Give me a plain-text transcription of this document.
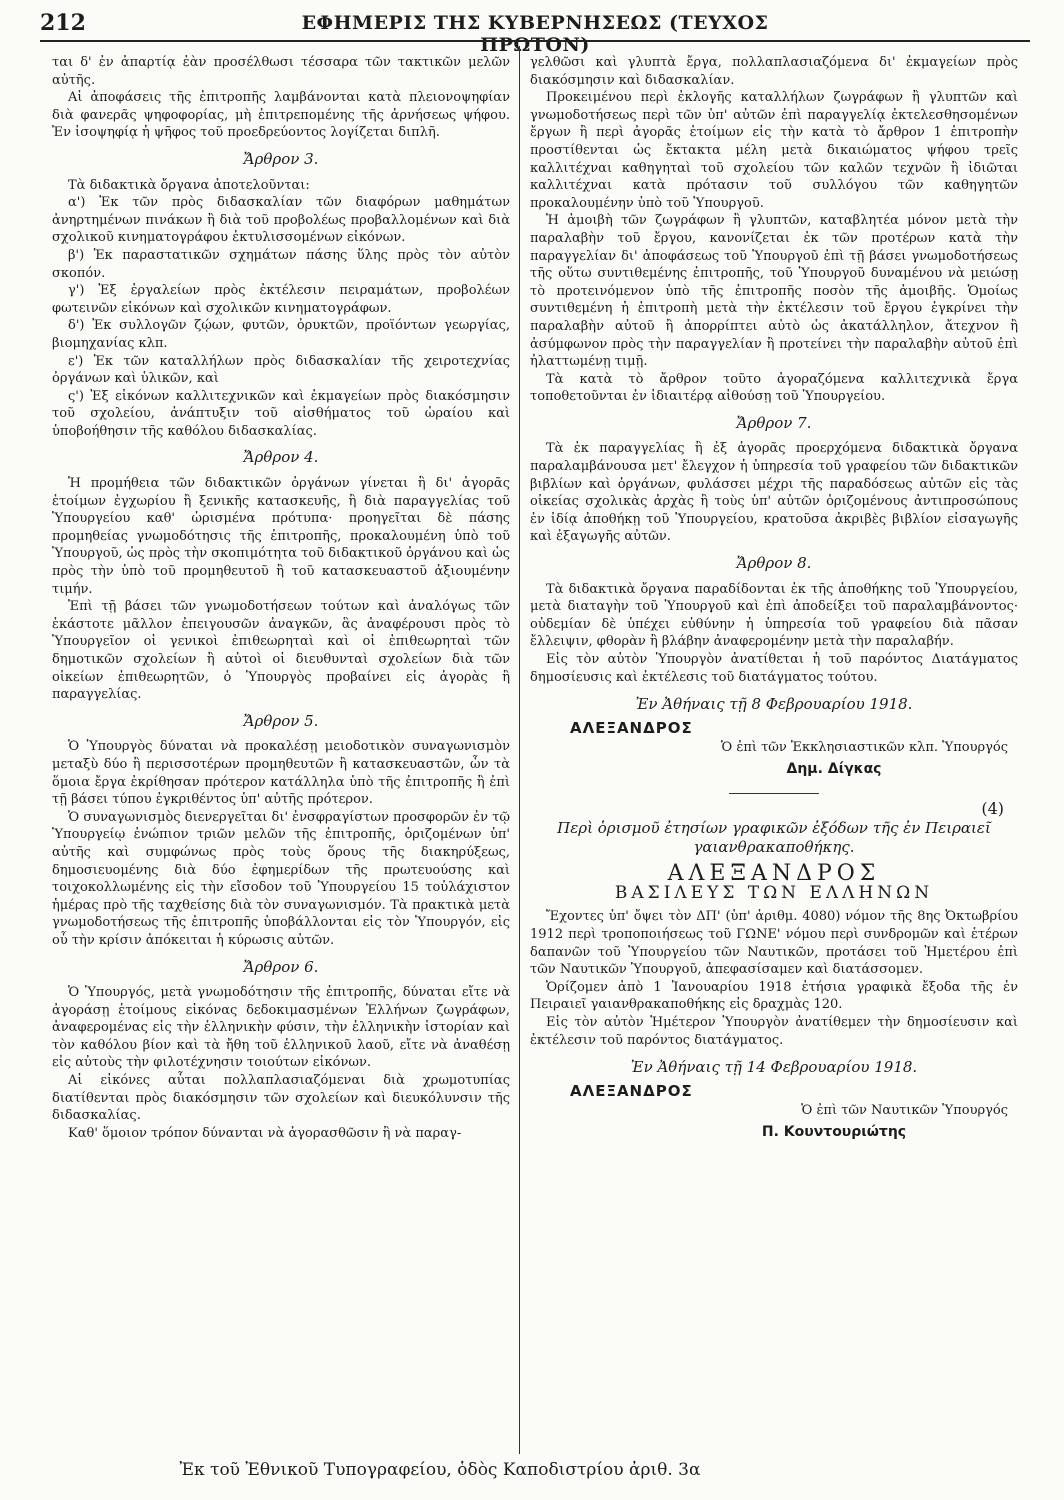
212	ΕΦΗΜΕΡΙΣ ΤΗΣ ΚΥΒΕΡΝΗΣΕΩΣ (ΤΕΥΧΟΣ ΠΡΩΤΟΝ)

ται δ' ἐν ἀπαρτίᾳ ἐὰν προσέλθωσι τέσσαρα τῶν τακτικῶν μελῶν αὐτῆς.

Αἱ ἀποφάσεις τῆς ἐπιτροπῆς λαμβάνονται κατὰ πλειονοψηφίαν διὰ φανερᾶς ψηφοφορίας, μὴ ἐπιτρεπομένης τῆς ἀρνήσεως ψήφου. Ἐν ἰσοψηφίᾳ ἡ ψῆφος τοῦ προεδρεύοντος λογίζεται διπλῆ.

Ἄρθρον 3.

Τὰ διδακτικὰ ὄργανα ἀποτελοῦνται:

α') Ἐκ τῶν πρὸς διδασκαλίαν τῶν διαφόρων μαθημάτων ἀνηρτημένων πινάκων ἢ διὰ τοῦ προβολέως προβαλλομένων καὶ διὰ σχολικοῦ κινηματογράφου ἐκτυλισσομένων εἰκόνων.

β') Ἐκ παραστατικῶν σχημάτων πάσης ὕλης πρὸς τὸν αὐτὸν σκοπόν.

γ') Ἐξ ἐργαλείων πρὸς ἐκτέλεσιν πειραμάτων, προβολέων φωτεινῶν εἰκόνων καὶ σχολικῶν κινηματογράφων.

δ') Ἐκ συλλογῶν ζῴων, φυτῶν, ὀρυκτῶν, προϊόντων γεωργίας, βιομηχανίας κλπ.

ε') Ἐκ τῶν καταλλήλων πρὸς διδασκαλίαν τῆς χειροτεχνίας ὀργάνων καὶ ὑλικῶν, καὶ

ς') Ἐξ εἰκόνων καλλιτεχνικῶν καὶ ἐκμαγείων πρὸς διακόσμησιν τοῦ σχολείου, ἀνάπτυξιν τοῦ αἰσθήματος τοῦ ὡραίου καὶ ὑποβοήθησιν τῆς καθόλου διδασκαλίας.

Ἄρθρον 4.

Ἡ προμήθεια τῶν διδακτικῶν ὀργάνων γίνεται ἢ δι' ἀγορᾶς ἑτοίμων ἐγχωρίου ἢ ξενικῆς κατασκευῆς, ἢ διὰ παραγγελίας τοῦ Ὑπουργείου καθ' ὡρισμένα πρότυπα· προηγεῖται δὲ πάσης προμηθείας γνωμοδότησις τῆς ἐπιτροπῆς, προκαλουμένη ὑπὸ τοῦ Ὑπουργοῦ, ὡς πρὸς τὴν σκοπιμότητα τοῦ διδακτικοῦ ὀργάνου καὶ ὡς πρὸς τὴν ὑπὸ τοῦ προμηθευτοῦ ἢ τοῦ κατασκευαστοῦ ἀξιουμένην τιμήν.

Ἐπὶ τῇ βάσει τῶν γνωμοδοτήσεων τούτων καὶ ἀναλόγως τῶν ἑκάστοτε μᾶλλον ἐπειγουσῶν ἀναγκῶν, ἃς ἀναφέρουσι πρὸς τὸ Ὑπουργεῖον οἱ γενικοὶ ἐπιθεωρηταὶ καὶ οἱ ἐπιθεωρηταὶ τῶν δημοτικῶν σχολείων ἢ αὐτοὶ οἱ διευθυνταὶ σχολείων διὰ τῶν οἰκείων ἐπιθεωρητῶν, ὁ Ὑπουργὸς προβαίνει εἰς ἀγορὰς ἢ παραγγελίας.

Ἄρθρον 5.

Ὁ Ὑπουργὸς δύναται νὰ προκαλέσῃ μειοδοτικὸν συναγωνισμὸν μεταξὺ δύο ἢ περισσοτέρων προμηθευτῶν ἢ κατασκευαστῶν, ὧν τὰ ὅμοια ἔργα ἐκρίθησαν πρότερον κατάλληλα ὑπὸ τῆς ἐπιτροπῆς ἢ ἐπὶ τῇ βάσει τύπου ἐγκριθέντος ὑπ' αὐτῆς πρότερον.

Ὁ συναγωνισμὸς διενεργεῖται δι' ἐνσφραγίστων προσφορῶν ἐν τῷ Ὑπουργείῳ ἐνώπιον τριῶν μελῶν τῆς ἐπιτροπῆς, ὁριζομένων ὑπ' αὐτῆς καὶ συμφώνως πρὸς τοὺς ὅρους τῆς διακηρύξεως, δημοσιευομένης διὰ δύο ἐφημερίδων τῆς πρωτευούσης καὶ τοιχοκολλωμένης εἰς τὴν εἴσοδον τοῦ Ὑπουργείου 15 τοὐλάχιστον ἡμέρας πρὸ τῆς ταχθείσης διὰ τὸν συναγωνισμόν. Τὰ πρακτικὰ μετὰ γνωμοδοτήσεως τῆς ἐπιτροπῆς ὑποβάλλονται εἰς τὸν Ὑπουργόν, εἰς οὗ τὴν κρίσιν ἀπόκειται ἡ κύρωσις αὐτῶν.

Ἄρθρον 6.

Ὁ Ὑπουργός, μετὰ γνωμοδότησιν τῆς ἐπιτροπῆς, δύναται εἴτε νὰ ἀγοράσῃ ἑτοίμους εἰκόνας δεδοκιμασμένων Ἑλλήνων ζωγράφων, ἀναφερομένας εἰς τὴν ἑλληνικὴν φύσιν, τὴν ἑλληνικὴν ἱστορίαν καὶ τὸν καθόλου βίον καὶ τὰ ἤθη τοῦ ἑλληνικοῦ λαοῦ, εἴτε νὰ ἀναθέσῃ εἰς αὐτοὺς τὴν φιλοτέχνησιν τοιούτων εἰκόνων.

Αἱ εἰκόνες αὗται πολλαπλασιαζόμεναι διὰ χρωμοτυπίας διατίθενται πρὸς διακόσμησιν τῶν σχολείων καὶ διευκόλυνσιν τῆς διδασκαλίας.

Καθ' ὅμοιον τρόπον δύνανται νὰ ἀγορασθῶσιν ἢ νὰ παραγ-

γελθῶσι καὶ γλυπτὰ ἔργα, πολλαπλασιαζόμενα δι' ἐκμαγείων πρὸς διακόσμησιν καὶ διδασκαλίαν.

Προκειμένου περὶ ἐκλογῆς καταλλήλων ζωγράφων ἢ γλυπτῶν καὶ γνωμοδοτήσεως περὶ τῶν ὑπ' αὐτῶν ἐπὶ παραγγελίᾳ ἐκτελεσθησομένων ἔργων ἢ περὶ ἀγορᾶς ἑτοίμων εἰς τὴν κατὰ τὸ ἄρθρον 1 ἐπιτροπὴν προστίθενται ὡς ἔκτακτα μέλη μετὰ δικαιώματος ψήφου τρεῖς καλλιτέχναι καθηγηταὶ τοῦ σχολείου τῶν καλῶν τεχνῶν ἢ ἰδιῶται καλλιτέχναι κατὰ πρότασιν τοῦ συλλόγου τῶν καθηγητῶν προκαλουμένην ὑπὸ τοῦ Ὑπουργοῦ.

Ἡ ἀμοιβὴ τῶν ζωγράφων ἢ γλυπτῶν, καταβλητέα μόνον μετὰ τὴν παραλαβὴν τοῦ ἔργου, κανονίζεται ἐκ τῶν προτέρων κατὰ τὴν παραγγελίαν δι' ἀποφάσεως τοῦ Ὑπουργοῦ ἐπὶ τῇ βάσει γνωμοδοτήσεως τῆς οὕτω συντιθεμένης ἐπιτροπῆς, τοῦ Ὑπουργοῦ δυναμένου νὰ μειώσῃ τὸ προτεινόμενον ὑπὸ τῆς ἐπιτροπῆς ποσὸν τῆς ἀμοιβῆς. Ὁμοίως συντιθεμένη ἡ ἐπιτροπὴ μετὰ τὴν ἐκτέλεσιν τοῦ ἔργου ἐγκρίνει τὴν παραλαβὴν αὐτοῦ ἢ ἀπορρίπτει αὐτὸ ὡς ἀκατάλληλον, ἄτεχνον ἢ ἀσύμφωνον πρὸς τὴν παραγγελίαν ἢ προτείνει τὴν παραλαβὴν αὐτοῦ ἐπὶ ἠλαττωμένῃ τιμῇ.

Τὰ κατὰ τὸ ἄρθρον τοῦτο ἀγοραζόμενα καλλιτεχνικὰ ἔργα τοποθετοῦνται ἐν ἰδιαιτέρᾳ αἰθούσῃ τοῦ Ὑπουργείου.

Ἄρθρον 7.

Τὰ ἐκ παραγγελίας ἢ ἐξ ἀγορᾶς προερχόμενα διδακτικὰ ὄργανα παραλαμβάνουσα μετ' ἔλεγχον ἡ ὑπηρεσία τοῦ γραφείου τῶν διδακτικῶν βιβλίων καὶ ὀργάνων, φυλάσσει μέχρι τῆς παραδόσεως αὐτῶν εἰς τὰς οἰκείας σχολικὰς ἀρχὰς ἢ τοὺς ὑπ' αὐτῶν ὁριζομένους ἀντιπροσώπους ἐν ἰδίᾳ ἀποθήκῃ τοῦ Ὑπουργείου, κρατοῦσα ἀκριβὲς βιβλίον εἰσαγωγῆς καὶ ἐξαγωγῆς αὐτῶν.

Ἄρθρον 8.

Τὰ διδακτικὰ ὄργανα παραδίδονται ἐκ τῆς ἀποθήκης τοῦ Ὑπουργείου, μετὰ διαταγὴν τοῦ Ὑπουργοῦ καὶ ἐπὶ ἀποδείξει τοῦ παραλαμβάνοντος· οὐδεμίαν δὲ ὑπέχει εὐθύνην ἡ ὑπηρεσία τοῦ γραφείου διὰ πᾶσαν ἔλλειψιν, φθορὰν ἢ βλάβην ἀναφερομένην μετὰ τὴν παραλαβήν.

Εἰς τὸν αὐτὸν Ὑπουργὸν ἀνατίθεται ἡ τοῦ παρόντος Διατάγματος δημοσίευσις καὶ ἐκτέλεσις τοῦ διατάγματος τούτου.

Ἐν Ἀθήναις τῇ 8 Φεβρουαρίου 1918.
ΑΛΕΞΑΝΔΡΟΣ
Ὁ ἐπὶ τῶν Ἐκκλησιαστικῶν κλπ. Ὑπουργός
Δημ. Δίγκας
(4)
Περὶ ὁρισμοῦ ἐτησίων γραφικῶν ἐξόδων τῆς ἐν Πειραιεῖ γαιανθρακαποθήκης.
ΑΛΕΞΑΝΔΡΟΣ
ΒΑΣΙΛΕΥΣ ΤΩΝ ΕΛΛΗΝΩΝ

Ἔχοντες ὑπ' ὄψει τὸν ΔΠ' (ὑπ' ἀριθμ. 4080) νόμον τῆς 8ης Ὀκτωβρίου 1912 περὶ τροποποιήσεως τοῦ ΓΩΝΕ' νόμου περὶ συνδρομῶν καὶ ἑτέρων δαπανῶν τοῦ Ὑπουργείου τῶν Ναυτικῶν, προτάσει τοῦ Ἡμετέρου ἐπὶ τῶν Ναυτικῶν Ὑπουργοῦ, ἀπεφασίσαμεν καὶ διατάσσομεν.

Ὁρίζομεν ἀπὸ 1 Ἰανουαρίου 1918 ἐτήσια γραφικὰ ἔξοδα τῆς ἐν Πειραιεῖ γαιανθρακαποθήκης εἰς δραχμὰς 120.

Εἰς τὸν αὐτὸν Ἡμέτερον Ὑπουργὸν ἀνατίθεμεν τὴν δημοσίευσιν καὶ ἐκτέλεσιν τοῦ παρόντος διατάγματος.

Ἐν Ἀθήναις τῇ 14 Φεβρουαρίου 1918.
ΑΛΕΞΑΝΔΡΟΣ
Ὁ ἐπὶ τῶν Ναυτικῶν Ὑπουργός
Π. Κουντουριώτης
Ἐκ τοῦ Ἐθνικοῦ Τυπογραφείου, ὁδὸς Καποδιστρίου ἀριθ. 3α
